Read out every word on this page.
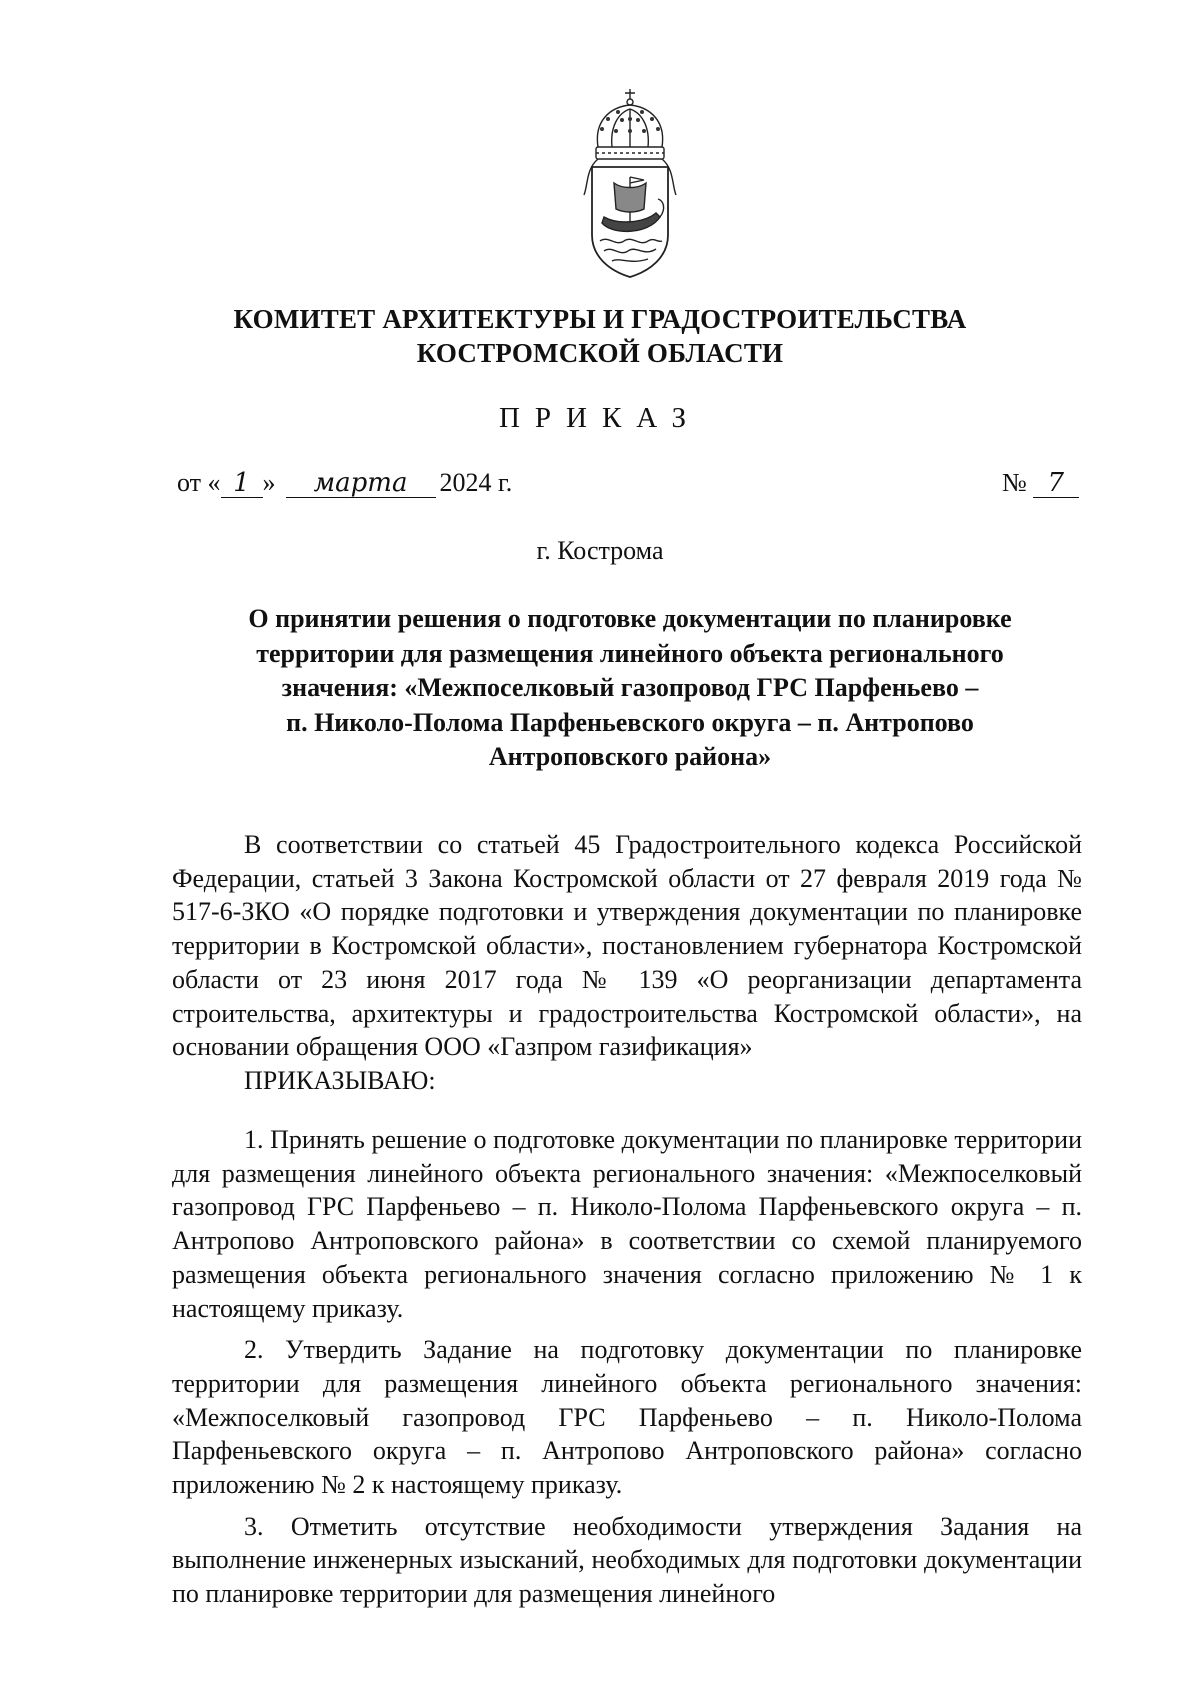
КОМИТЕТ АРХИТЕКТУРЫ И ГРАДОСТРОИТЕЛЬСТВА
КОСТРОМСКОЙ ОБЛАСТИ
ПРИКАЗ
от « 1 » марта 2024 г.	№ 7
г. Кострома
О принятии решения о подготовке документации по планировке
территории для размещения линейного объекта регионального
значения: «Межпоселковый газопровод ГРС Парфеньево –
п. Николо-Полома Парфеньевского округа – п. Антропово
Антроповского района»

В соответствии со статьей 45 Градостроительного кодекса Российской Федерации, статьей 3 Закона Костромской области от 27 февраля 2019 года № 517-6-ЗКО «О порядке подготовки и утверждения документации по планировке территории в Костромской области», постановлением губернатора Костромской области от 23 июня 2017 года № 139 «О реорганизации департамента строительства, архитектуры и градостроительства Костромской области», на основании обращения ООО «Газпром газификация»

ПРИКАЗЫВАЮ:

1. Принять решение о подготовке документации по планировке территории для размещения линейного объекта регионального значения: «Межпоселковый газопровод ГРС Парфеньево – п. Николо-Полома Парфеньевского округа – п. Антропово Антроповского района» в соответствии со схемой планируемого размещения объекта регионального значения согласно приложению № 1 к настоящему приказу.

2. Утвердить Задание на подготовку документации по планировке территории для размещения линейного объекта регионального значения: «Межпоселковый газопровод ГРС Парфеньево – п. Николо-Полома Парфеньевского округа – п. Антропово Антроповского района» согласно приложению № 2 к настоящему приказу.

3. Отметить отсутствие необходимости утверждения Задания на выполнение инженерных изысканий, необходимых для подготовки документации по планировке территории для размещения линейного
